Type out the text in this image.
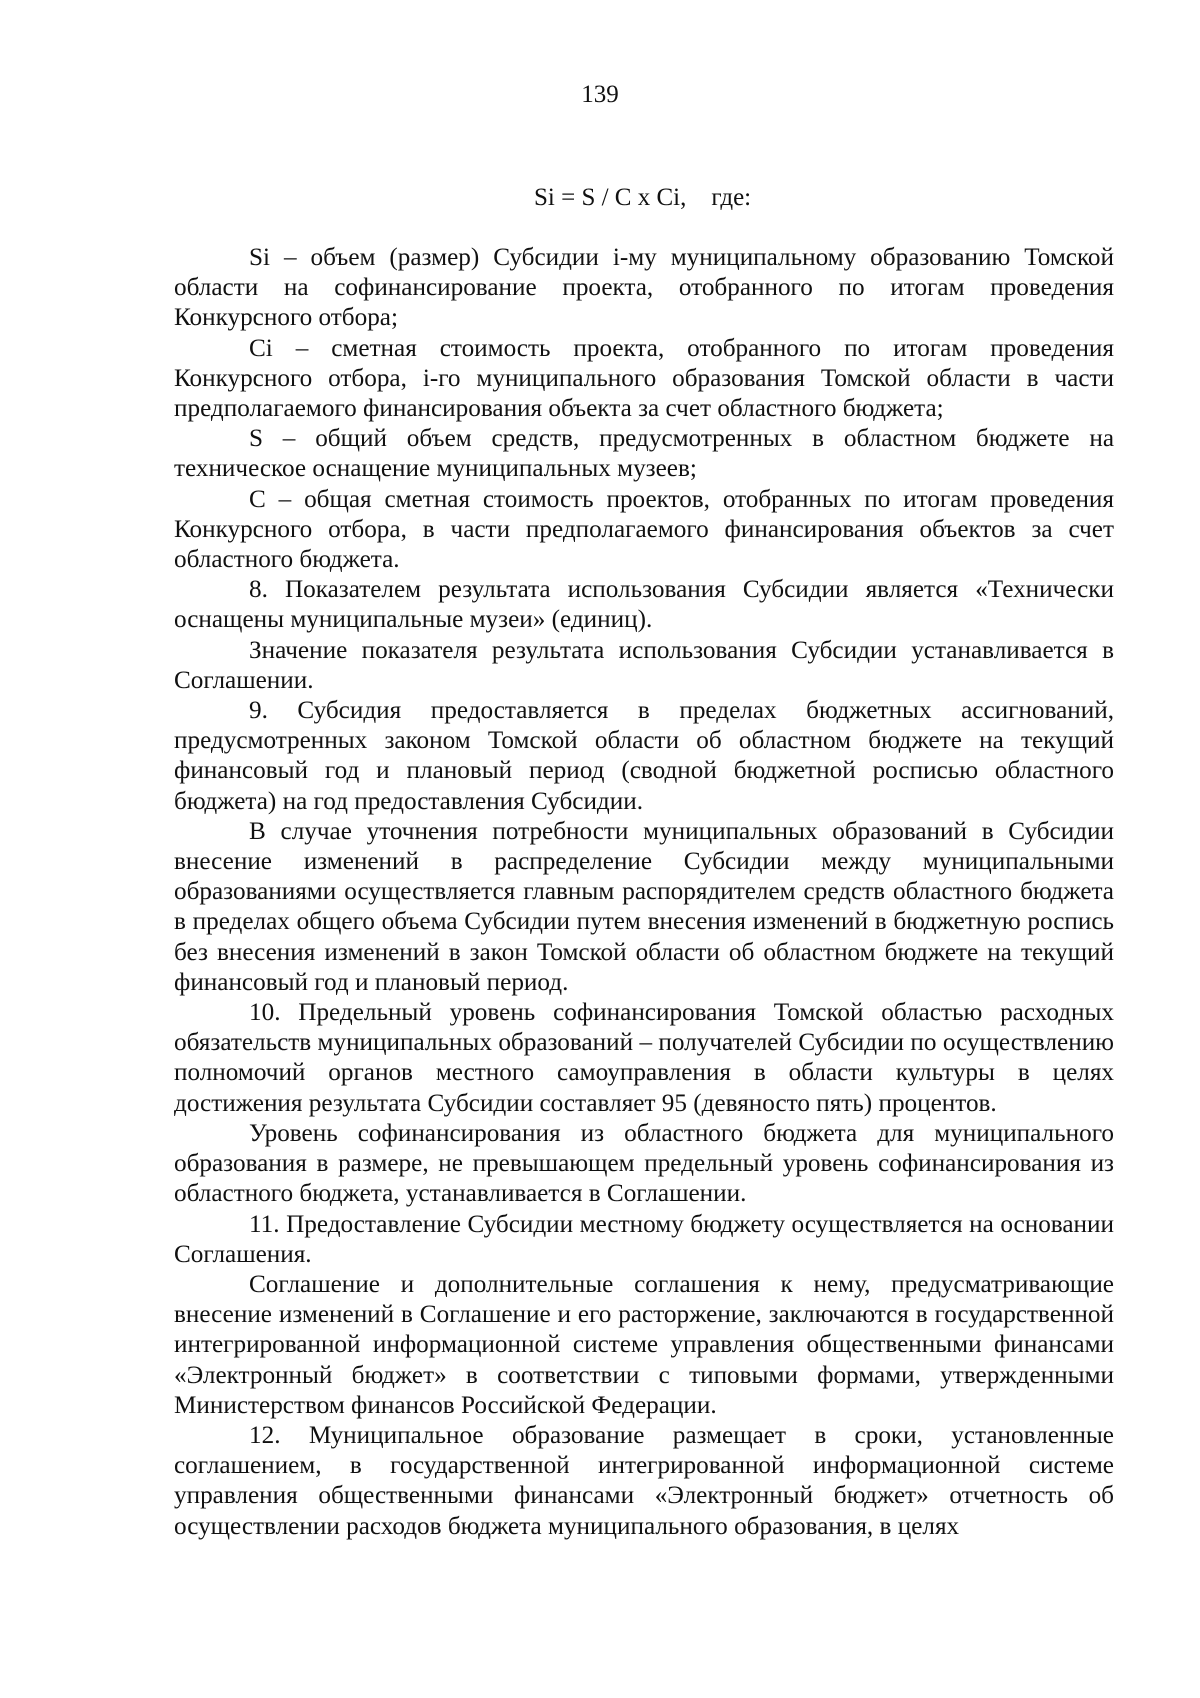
139
Si = S / C x Ci,    где:

Si – объем (размер) Субсидии i-му муниципальному образованию Томской области на софинансирование проекта, отобранного по итогам проведения Конкурсного отбора;

Ci – сметная стоимость проекта, отобранного по итогам проведения Конкурсного отбора, i-го муниципального образования Томской области в части предполагаемого финансирования объекта за счет областного бюджета;

S – общий объем средств, предусмотренных в областном бюджете на техническое оснащение муниципальных музеев;

C – общая сметная стоимость проектов, отобранных по итогам проведения Конкурсного отбора, в части предполагаемого финансирования объектов за счет областного бюджета.

8. Показателем результата использования Субсидии является «Технически оснащены муниципальные музеи» (единиц).

Значение показателя результата использования Субсидии устанавливается в Соглашении.

9. Субсидия предоставляется в пределах бюджетных ассигнований, предусмотренных законом Томской области об областном бюджете на текущий финансовый год и плановый период (сводной бюджетной росписью областного бюджета) на год предоставления Субсидии.

В случае уточнения потребности муниципальных образований в Субсидии внесение изменений в распределение Субсидии между муниципальными образованиями осуществляется главным распорядителем средств областного бюджета в пределах общего объема Субсидии путем внесения изменений в бюджетную роспись без внесения изменений в закон Томской области об областном бюджете на текущий финансовый год и плановый период.

10. Предельный уровень софинансирования Томской областью расходных обязательств муниципальных образований – получателей Субсидии по осуществлению полномочий органов местного самоуправления в области культуры в целях достижения результата Субсидии составляет 95 (девяносто пять) процентов.

Уровень софинансирования из областного бюджета для муниципального образования в размере, не превышающем предельный уровень софинансирования из областного бюджета, устанавливается в Соглашении.

11. Предоставление Субсидии местному бюджету осуществляется на основании Соглашения.

Соглашение и дополнительные соглашения к нему, предусматривающие внесение изменений в Соглашение и его расторжение, заключаются в государственной интегрированной информационной системе управления общественными финансами «Электронный бюджет» в соответствии с типовыми формами, утвержденными Министерством финансов Российской Федерации.

12. Муниципальное образование размещает в сроки, установленные соглашением, в государственной интегрированной информационной системе управления общественными финансами «Электронный бюджет» отчетность об осуществлении расходов бюджета муниципального образования, в целях
